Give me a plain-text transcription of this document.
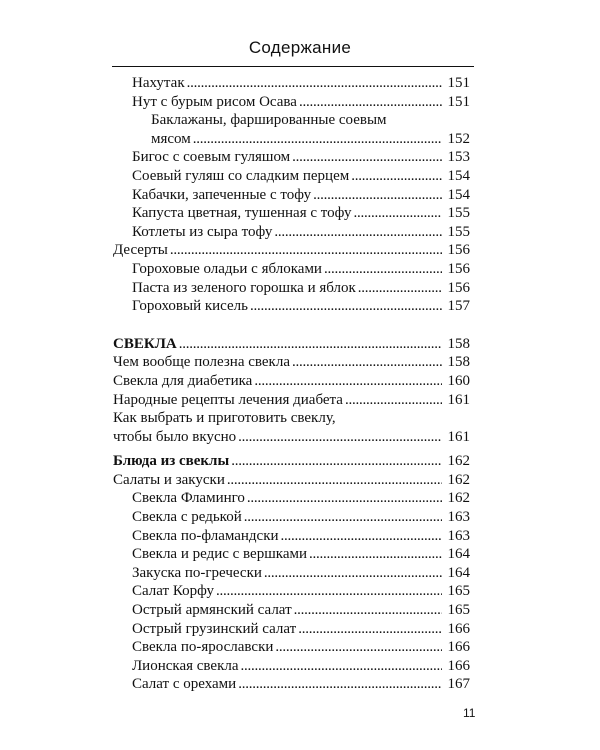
Содержание
Нахутак . . .	151
Нут с бурым рисом Осава . . .	151
Баклажаны, фаршированные соевым
мясом . . .	152
Бигос с соевым гуляшом . . .	153
Соевый гуляш со сладким перцем . . .	154
Кабачки, запеченные с тофу . . .	154
Капуста цветная, тушенная с тофу . . .	155
Котлеты из сыра тофу . . .	155
Десерты . . .	156
Гороховые оладьи с яблоками . . .	156
Паста из зеленого горошка и яблок . . .	156
Гороховый кисель . . .	157
СВЕКЛА . . .	158
Чем вообще полезна свекла . . .	158
Свекла для диабетика . . .	160
Народные рецепты лечения диабета . . .	161
Как выбрать и приготовить свеклу,
чтобы было вкусно . . .	161
Блюда из свеклы . . .	162
Салаты и закуски . . .	162
Свекла Фламинго . . .	162
Свекла с редькой . . .	163
Свекла по-фламандски . . .	163
Свекла и редис с вершками . . .	164
Закуска по-гречески . . .	164
Салат Корфу . . .	165
Острый армянский салат . . .	165
Острый грузинский салат . . .	166
Свекла по-ярославски . . .	166
Лионская свекла . . .	166
Салат с орехами . . .	167
11
